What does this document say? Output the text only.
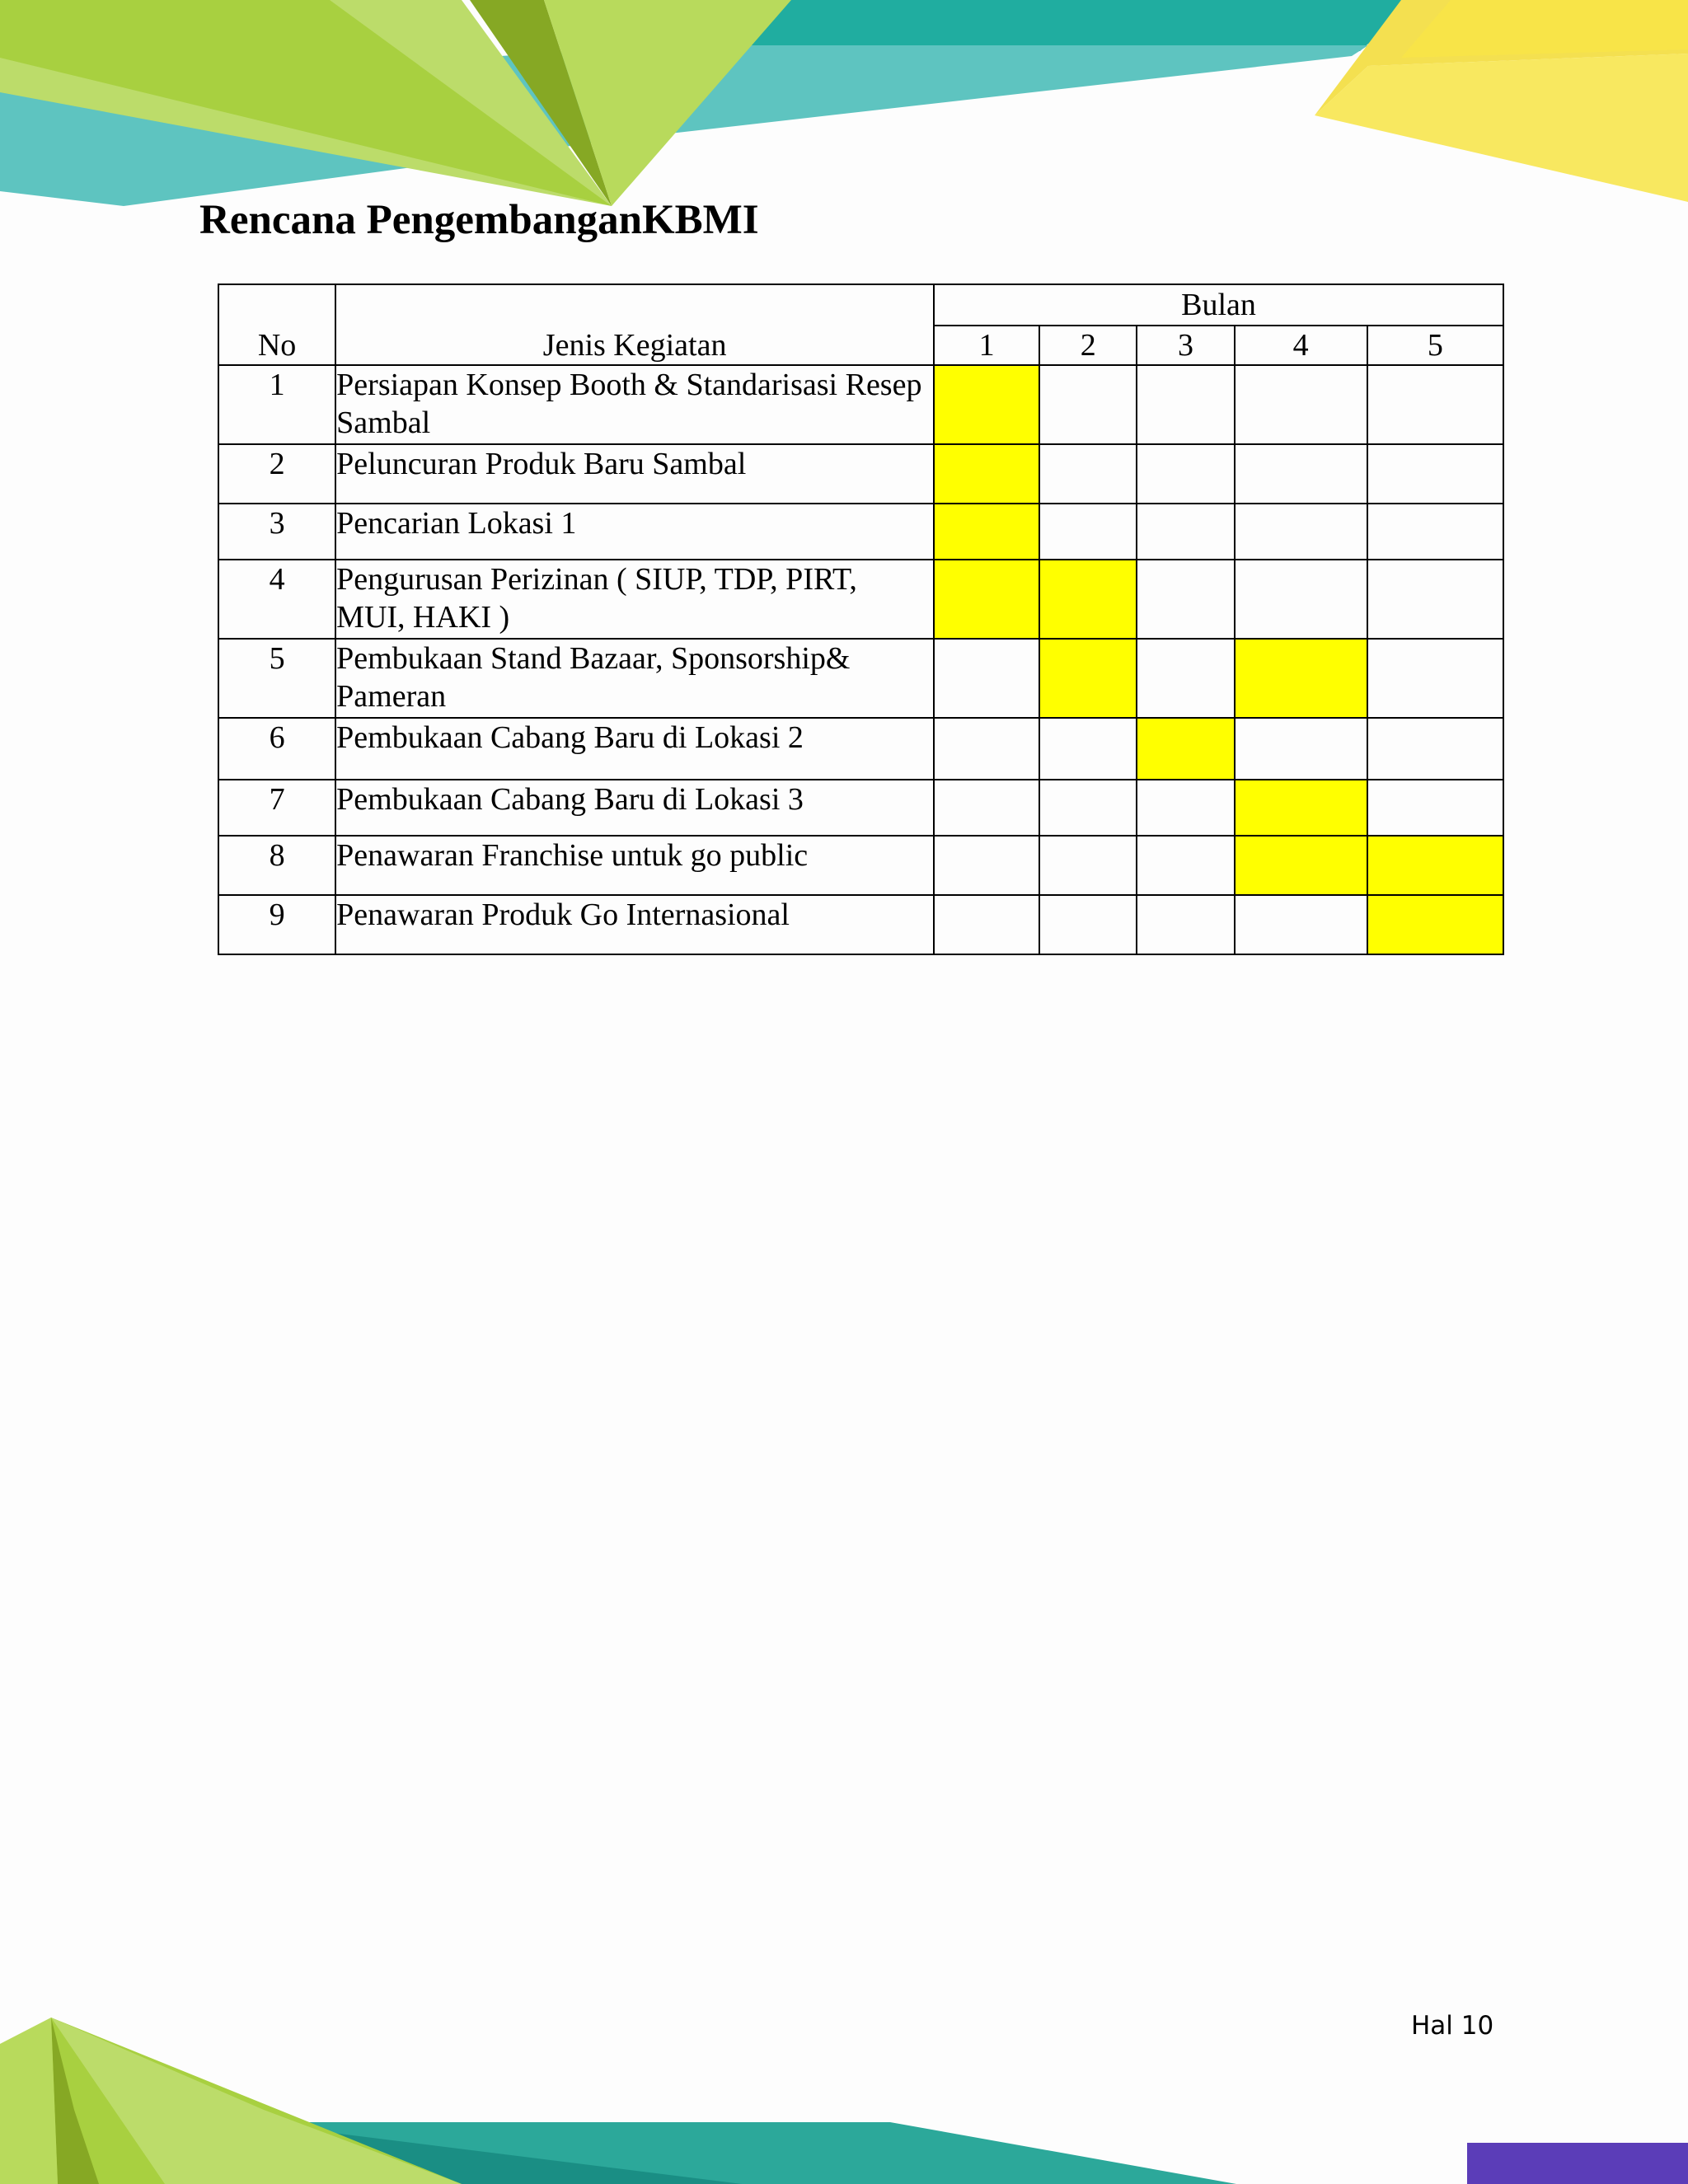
Rencana PengembanganKBMI
No	Jenis Kegiatan	Bulan				
		1	2	3	4	5
1	Persiapan Konsep Booth & Standarisasi Resep Sambal					
2	Peluncuran Produk Baru Sambal					
3	Pencarian Lokasi 1					
4	Pengurusan Perizinan ( SIUP, TDP, PIRT, MUI, HAKI )					
5	Pembukaan Stand Bazaar, Sponsorship& Pameran					
6	Pembukaan Cabang Baru di Lokasi 2					
7	Pembukaan Cabang Baru di Lokasi 3					
8	Penawaran Franchise untuk go public					
9	Penawaran Produk Go Internasional					
Hal 10
